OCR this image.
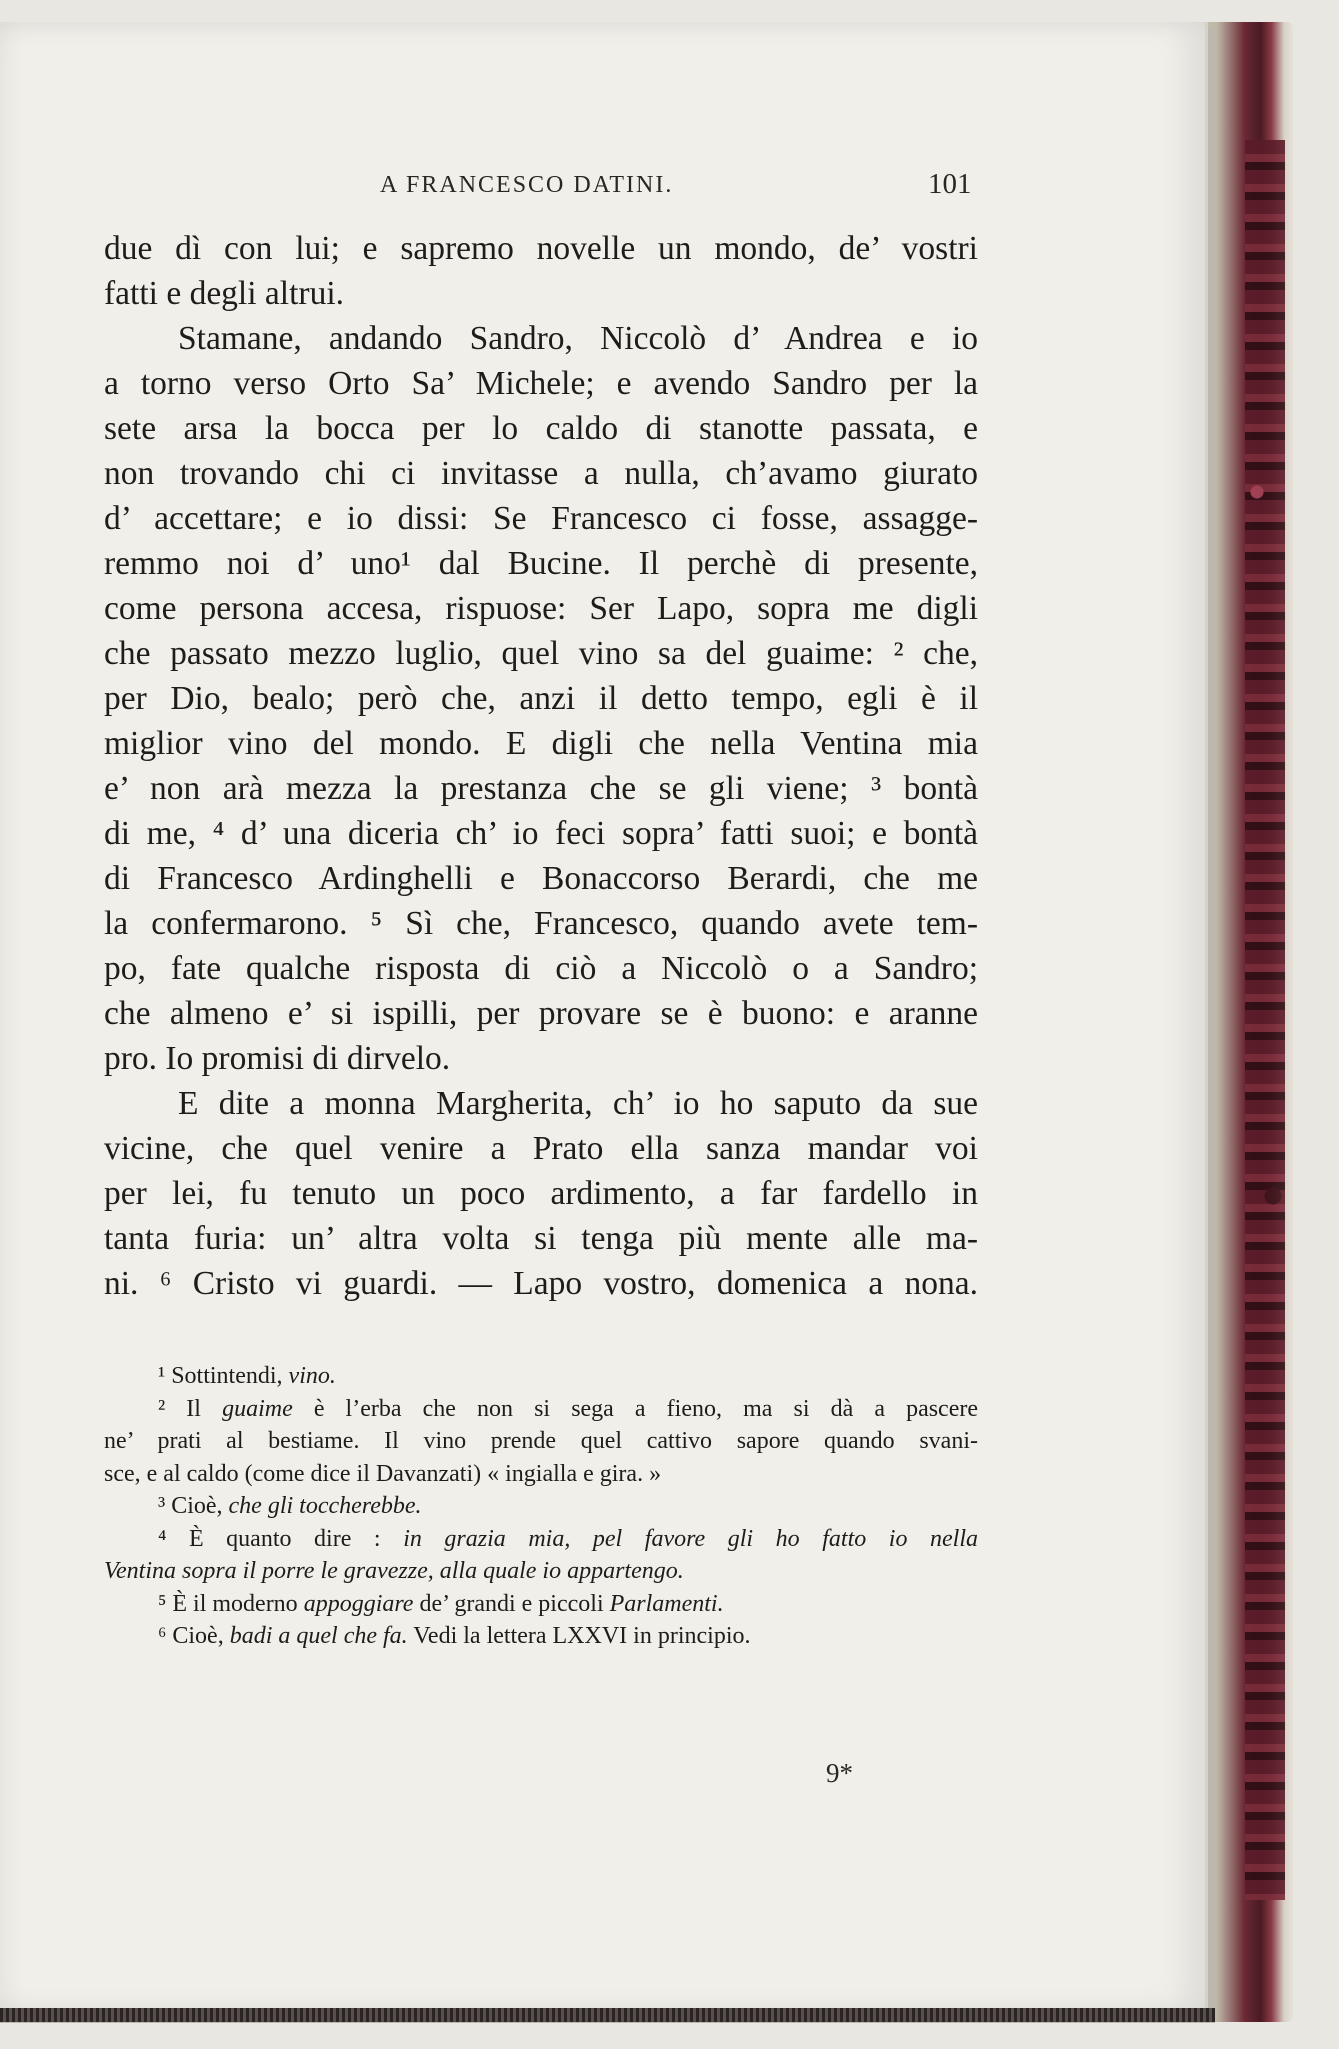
A FRANCESCO DATINI.	101
due dì con lui; e sapremo novelle un mondo, de’ vostri
fatti e degli altrui.
Stamane, andando Sandro, Niccolò d’ Andrea e io
a torno verso Orto Sa’ Michele; e avendo Sandro per la
sete arsa la bocca per lo caldo di stanotte passata, e
non trovando chi ci invitasse a nulla, ch’avamo giurato
d’ accettare; e io dissi: Se Francesco ci fosse, assagge-
remmo noi d’ uno¹ dal Bucine. Il perchè di presente,
come persona accesa, rispuose: Ser Lapo, sopra me digli
che passato mezzo luglio, quel vino sa del guaime: ² che,
per Dio, bealo; però che, anzi il detto tempo, egli è il
miglior vino del mondo. E digli che nella Ventina mia
e’ non arà mezza la prestanza che se gli viene; ³ bontà
di me, ⁴ d’ una diceria ch’ io feci sopra’ fatti suoi; e bontà
di Francesco Ardinghelli e Bonaccorso Berardi, che me
la confermarono. ⁵ Sì che, Francesco, quando avete tem-
po, fate qualche risposta di ciò a Niccolò o a Sandro;
che almeno e’ si ispilli, per provare se è buono: e aranne
pro. Io promisi di dirvelo.
E dite a monna Margherita, ch’ io ho saputo da sue
vicine, che quel venire a Prato ella sanza mandar voi
per lei, fu tenuto un poco ardimento, a far fardello in
tanta furia: un’ altra volta si tenga più mente alle ma-
ni. ⁶ Cristo vi guardi. — Lapo vostro, domenica a nona.
¹ Sottintendi, vino.
² Il guaime è l’erba che non si sega a fieno, ma si dà a pascere
ne’ prati al bestiame. Il vino prende quel cattivo sapore quando svani-
sce, e al caldo (come dice il Davanzati) « ingialla e gira. »
³ Cioè, che gli toccherebbe.
⁴ È quanto dire : in grazia mia, pel favore gli ho fatto io nella
Ventina sopra il porre le gravezze, alla quale io appartengo.
⁵ È il moderno appoggiare de’ grandi e piccoli Parlamenti.
⁶ Cioè, badi a quel che fa. Vedi la lettera LXXVI in principio.
9*
